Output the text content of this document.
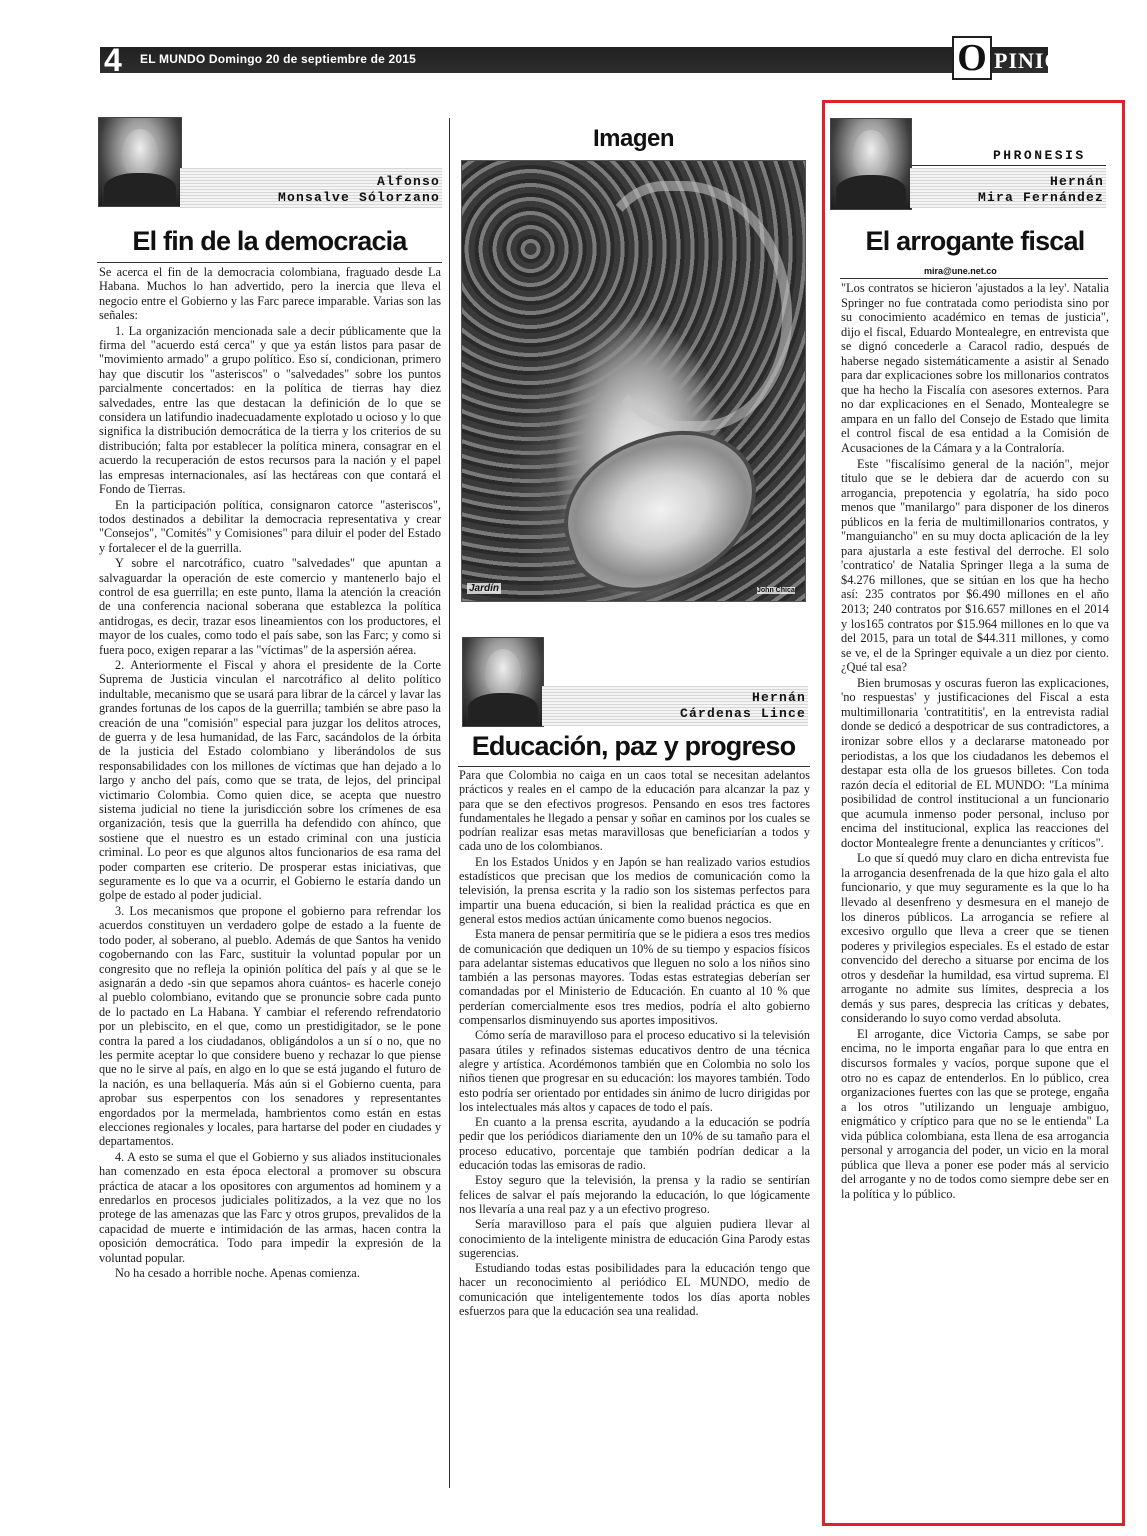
4 EL MUNDO Domingo 20 de septiembre de 2015	O PINIÓN
Alfonso
Monsalve Sólorzano
El fin de la democracia

Se acerca el fin de la democracia colombiana, fraguado desde La Habana. Muchos lo han advertido, pero la inercia que lleva el negocio entre el Gobierno y las Farc parece imparable. Varias son las señales:

1. La organización mencionada sale a decir públicamente que la firma del "acuerdo está cerca" y que ya están listos para pasar de "movimiento armado" a grupo político. Eso sí, condicionan, primero hay que discutir los "asteriscos" o "salvedades" sobre los puntos parcialmente concertados: en la política de tierras hay diez salvedades, entre las que destacan la definición de lo que se considera un latifundio inadecuadamente explotado u ocioso y lo que significa la distribución democrática de la tierra y los criterios de su distribución; falta por establecer la política minera, consagrar en el acuerdo la recuperación de estos recursos para la nación y el papel las empresas internacionales, así las hectáreas con que contará el Fondo de Tierras.

En la participación política, consignaron catorce "asteriscos", todos destinados a debilitar la democracia representativa y crear "Consejos", "Comités" y Comisiones" para diluir el poder del Estado y fortalecer el de la guerrilla.

Y sobre el narcotráfico, cuatro "salvedades" que apuntan a salvaguardar la operación de este comercio y mantenerlo bajo el control de esa guerrilla; en este punto, llama la atención la creación de una conferencia nacional soberana que establezca la política antidrogas, es decir, trazar esos lineamientos con los productores, el mayor de los cuales, como todo el país sabe, son las Farc; y como si fuera poco, exigen reparar a las "víctimas" de la aspersión aérea.

2. Anteriormente el Fiscal y ahora el presidente de la Corte Suprema de Justicia vinculan el narcotráfico al delito político indultable, mecanismo que se usará para librar de la cárcel y lavar las grandes fortunas de los capos de la guerrilla; también se abre paso la creación de una "comisión" especial para juzgar los delitos atroces, de guerra y de lesa humanidad, de las Farc, sacándolos de la órbita de la justicia del Estado colombiano y liberándolos de sus responsabilidades con los millones de víctimas que han dejado a lo largo y ancho del país, como que se trata, de lejos, del principal victimario Colombia. Como quien dice, se acepta que nuestro sistema judicial no tiene la jurisdicción sobre los crímenes de esa organización, tesis que la guerrilla ha defendido con ahínco, que sostiene que el nuestro es un estado criminal con una justicia criminal. Lo peor es que algunos altos funcionarios de esa rama del poder comparten ese criterio. De prosperar estas iniciativas, que seguramente es lo que va a ocurrir, el Gobierno le estaría dando un golpe de estado al poder judicial.

3. Los mecanismos que propone el gobierno para refrendar los acuerdos constituyen un verdadero golpe de estado a la fuente de todo poder, al soberano, al pueblo. Además de que Santos ha venido cogobernando con las Farc, sustituir la voluntad popular por un congresito que no refleja la opinión política del país y al que se le asignarán a dedo -sin que sepamos ahora cuántos- es hacerle conejo al pueblo colombiano, evitando que se pronuncie sobre cada punto de lo pactado en La Habana. Y cambiar el referendo refrendatorio por un plebiscito, en el que, como un prestidigitador, se le pone contra la pared a los ciudadanos, obligándolos a un sí o no, que no les permite aceptar lo que considere bueno y rechazar lo que piense que no le sirve al país, en algo en lo que se está jugando el futuro de la nación, es una bellaquería. Más aún si el Gobierno cuenta, para aprobar sus esperpentos con los senadores y representantes engordados por la mermelada, hambrientos como están en estas elecciones regionales y locales, para hartarse del poder en ciudades y departamentos.

4. A esto se suma el que el Gobierno y sus aliados institucionales han comenzado en esta época electoral a promover su obscura práctica de atacar a los opositores con argumentos ad hominem y a enredarlos en procesos judiciales politizados, a la vez que no los protege de las amenazas que las Farc y otros grupos, prevalidos de la capacidad de muerte e intimidación de las armas, hacen contra la oposición democrática. Todo para impedir la expresión de la voluntad popular.

No ha cesado a horrible noche. Apenas comienza.

Imagen
Jardín	John Chica
Hernán
Cárdenas Lince
Educación, paz y progreso

Para que Colombia no caiga en un caos total se necesitan adelantos prácticos y reales en el campo de la educación para alcanzar la paz y para que se den efectivos progresos. Pensando en esos tres factores fundamentales he llegado a pensar y soñar en caminos por los cuales se podrían realizar esas metas maravillosas que beneficiarían a todos y cada uno de los colombianos.

En los Estados Unidos y en Japón se han realizado varios estudios estadísticos que precisan que los medios de comunicación como la televisión, la prensa escrita y la radio son los sistemas perfectos para impartir una buena educación, si bien la realidad práctica es que en general estos medios actúan únicamente como buenos negocios.

Esta manera de pensar permitiría que se le pidiera a esos tres medios de comunicación que dediquen un 10% de su tiempo y espacios físicos para adelantar sistemas educativos que lleguen no solo a los niños sino también a las personas mayores. Todas estas estrategias deberían ser comandadas por el Ministerio de Educación. En cuanto al 10 % que perderían comercialmente esos tres medios, podría el alto gobierno compensarlos disminuyendo sus aportes impositivos.

Cómo sería de maravilloso para el proceso educativo si la televisión pasara útiles y refinados sistemas educativos dentro de una técnica alegre y artística. Acordémonos también que en Colombia no solo los niños tienen que progresar en su educación: los mayores también. Todo esto podría ser orientado por entidades sin ánimo de lucro dirigidas por los intelectuales más altos y capaces de todo el país.

En cuanto a la prensa escrita, ayudando a la educación se podría pedir que los periódicos diariamente den un 10% de su tamaño para el proceso educativo, porcentaje que también podrían dedicar a la educación todas las emisoras de radio.

Estoy seguro que la televisión, la prensa y la radio se sentirían felices de salvar el país mejorando la educación, lo que lógicamente nos llevaría a una real paz y a un efectivo progreso.

Sería maravilloso para el país que alguien pudiera llevar al conocimiento de la inteligente ministra de educación Gina Parody estas sugerencias.

Estudiando todas estas posibilidades para la educación tengo que hacer un reconocimiento al periódico EL MUNDO, medio de comunicación que inteligentemente todos los días aporta nobles esfuerzos para que la educación sea una realidad.

PHRONESIS
Hernán
Mira Fernández
El arrogante fiscal
mira@une.net.co

"Los contratos se hicieron 'ajustados a la ley'. Natalia Springer no fue contratada como periodista sino por su conocimiento académico en temas de justicia", dijo el fiscal, Eduardo Montealegre, en entrevista que se dignó concederle a Caracol radio, después de haberse negado sistemáticamente a asistir al Senado para dar explicaciones sobre los millonarios contratos que ha hecho la Fiscalía con asesores externos. Para no dar explicaciones en el Senado, Montealegre se ampara en un fallo del Consejo de Estado que limita el control fiscal de esa entidad a la Comisión de Acusaciones de la Cámara y a la Contraloría.

Este "fiscalísimo general de la nación", mejor titulo que se le debiera dar de acuerdo con su arrogancia, prepotencia y egolatría, ha sido poco menos que "manilargo" para disponer de los dineros públicos en la feria de multimillonarios contratos, y "manguiancho" en su muy docta aplicación de la ley para ajustarla a este festival del derroche. El solo 'contratico' de Natalia Springer llega a la suma de $4.276 millones, que se sitúan en los que ha hecho así: 235 contratos por $6.490 millones en el año 2013; 240 contratos por $16.657 millones en el 2014 y los165 contratos por $15.964 millones en lo que va del 2015, para un total de $44.311 millones, y como se ve, el de la Springer equivale a un diez por ciento. ¿Qué tal esa?

Bien brumosas y oscuras fueron las explicaciones, 'no respuestas' y justificaciones del Fiscal a esta multimillonaria 'contratititis', en la entrevista radial donde se dedicó a despotricar de sus contradictores, a ironizar sobre ellos y a declararse matoneado por periodistas, a los que los ciudadanos les debemos el destapar esta olla de los gruesos billetes. Con toda razón decía el editorial de EL MUNDO: "La mínima posibilidad de control institucional a un funcionario que acumula inmenso poder personal, incluso por encima del institucional, explica las reacciones del doctor Montealegre frente a denunciantes y críticos".

Lo que sí quedó muy claro en dicha entrevista fue la arrogancia desenfrenada de la que hizo gala el alto funcionario, y que muy seguramente es la que lo ha llevado al desenfreno y desmesura en el manejo de los dineros públicos. La arrogancia se refiere al excesivo orgullo que lleva a creer que se tienen poderes y privilegios especiales. Es el estado de estar convencido del derecho a situarse por encima de los otros y desdeñar la humildad, esa virtud suprema. El arrogante no admite sus límites, desprecia a los demás y sus pares, desprecia las críticas y debates, considerando lo suyo como verdad absoluta.

El arrogante, dice Victoria Camps, se sabe por encima, no le importa engañar para lo que entra en discursos formales y vacíos, porque supone que el otro no es capaz de entenderlos. En lo público, crea organizaciones fuertes con las que se protege, engaña a los otros "utilizando un lenguaje ambiguo, enigmático y críptico para que no se le entienda" La vida pública colombiana, esta llena de esa arrogancia personal y arrogancia del poder, un vicio en la moral pública que lleva a poner ese poder más al servicio del arrogante y no de todos como siempre debe ser en la política y lo público.
